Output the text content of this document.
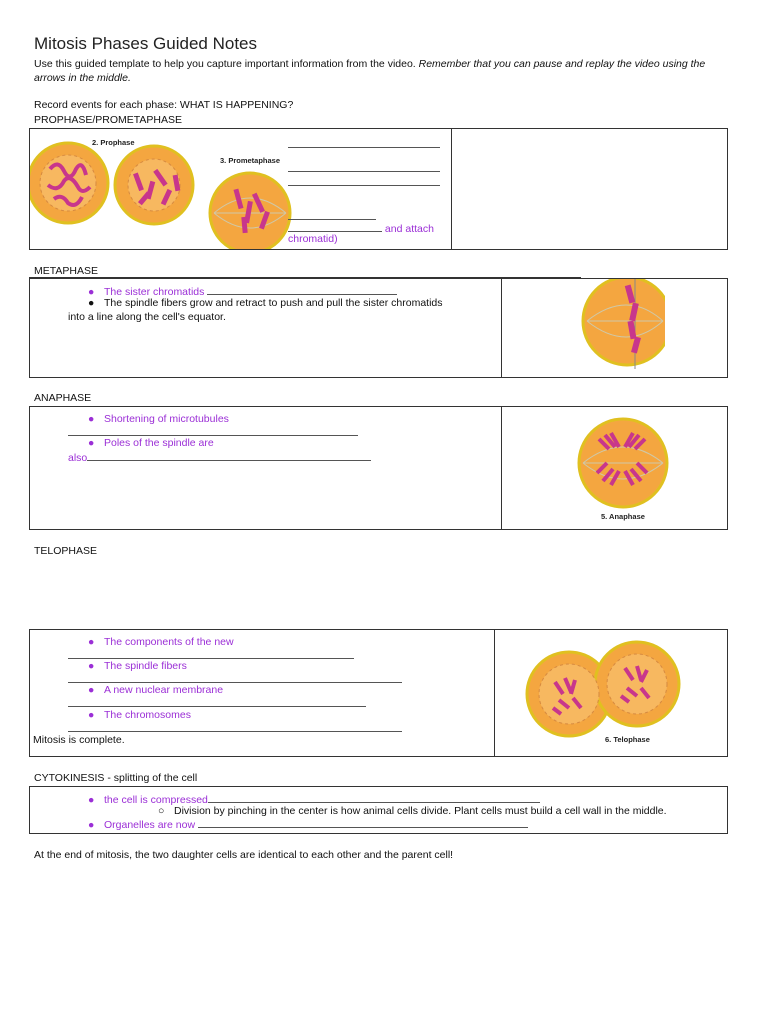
Mitosis Phases Guided Notes
Use this guided template to help you capture important information from the video. Remember that you can pause and replay the video using the arrows in the middle.
Record events for each phase: WHAT IS HAPPENING?
PROPHASE/PROMETAPHASE
2. Prophase
3. Prometaphase
and attach
chromatid)
METAPHASE
● The sister chromatids
● The spindle fibers grow and retract to push and pull the sister chromatids
into a line along the cell's equator.
ANAPHASE
● Shortening of microtubules
● Poles of the spindle are
also
5. Anaphase
TELOPHASE
● The components of the new
● The spindle fibers
● A new nuclear membrane
● The chromosomes
Mitosis is complete.	6. Telophase
CYTOKINESIS - splitting of the cell
● the cell is compressed
○ Division by pinching in the center is how animal cells divide. Plant cells must build a cell wall in the middle.
● Organelles are now
At the end of mitosis, the two daughter cells are identical to each other and the parent cell!
